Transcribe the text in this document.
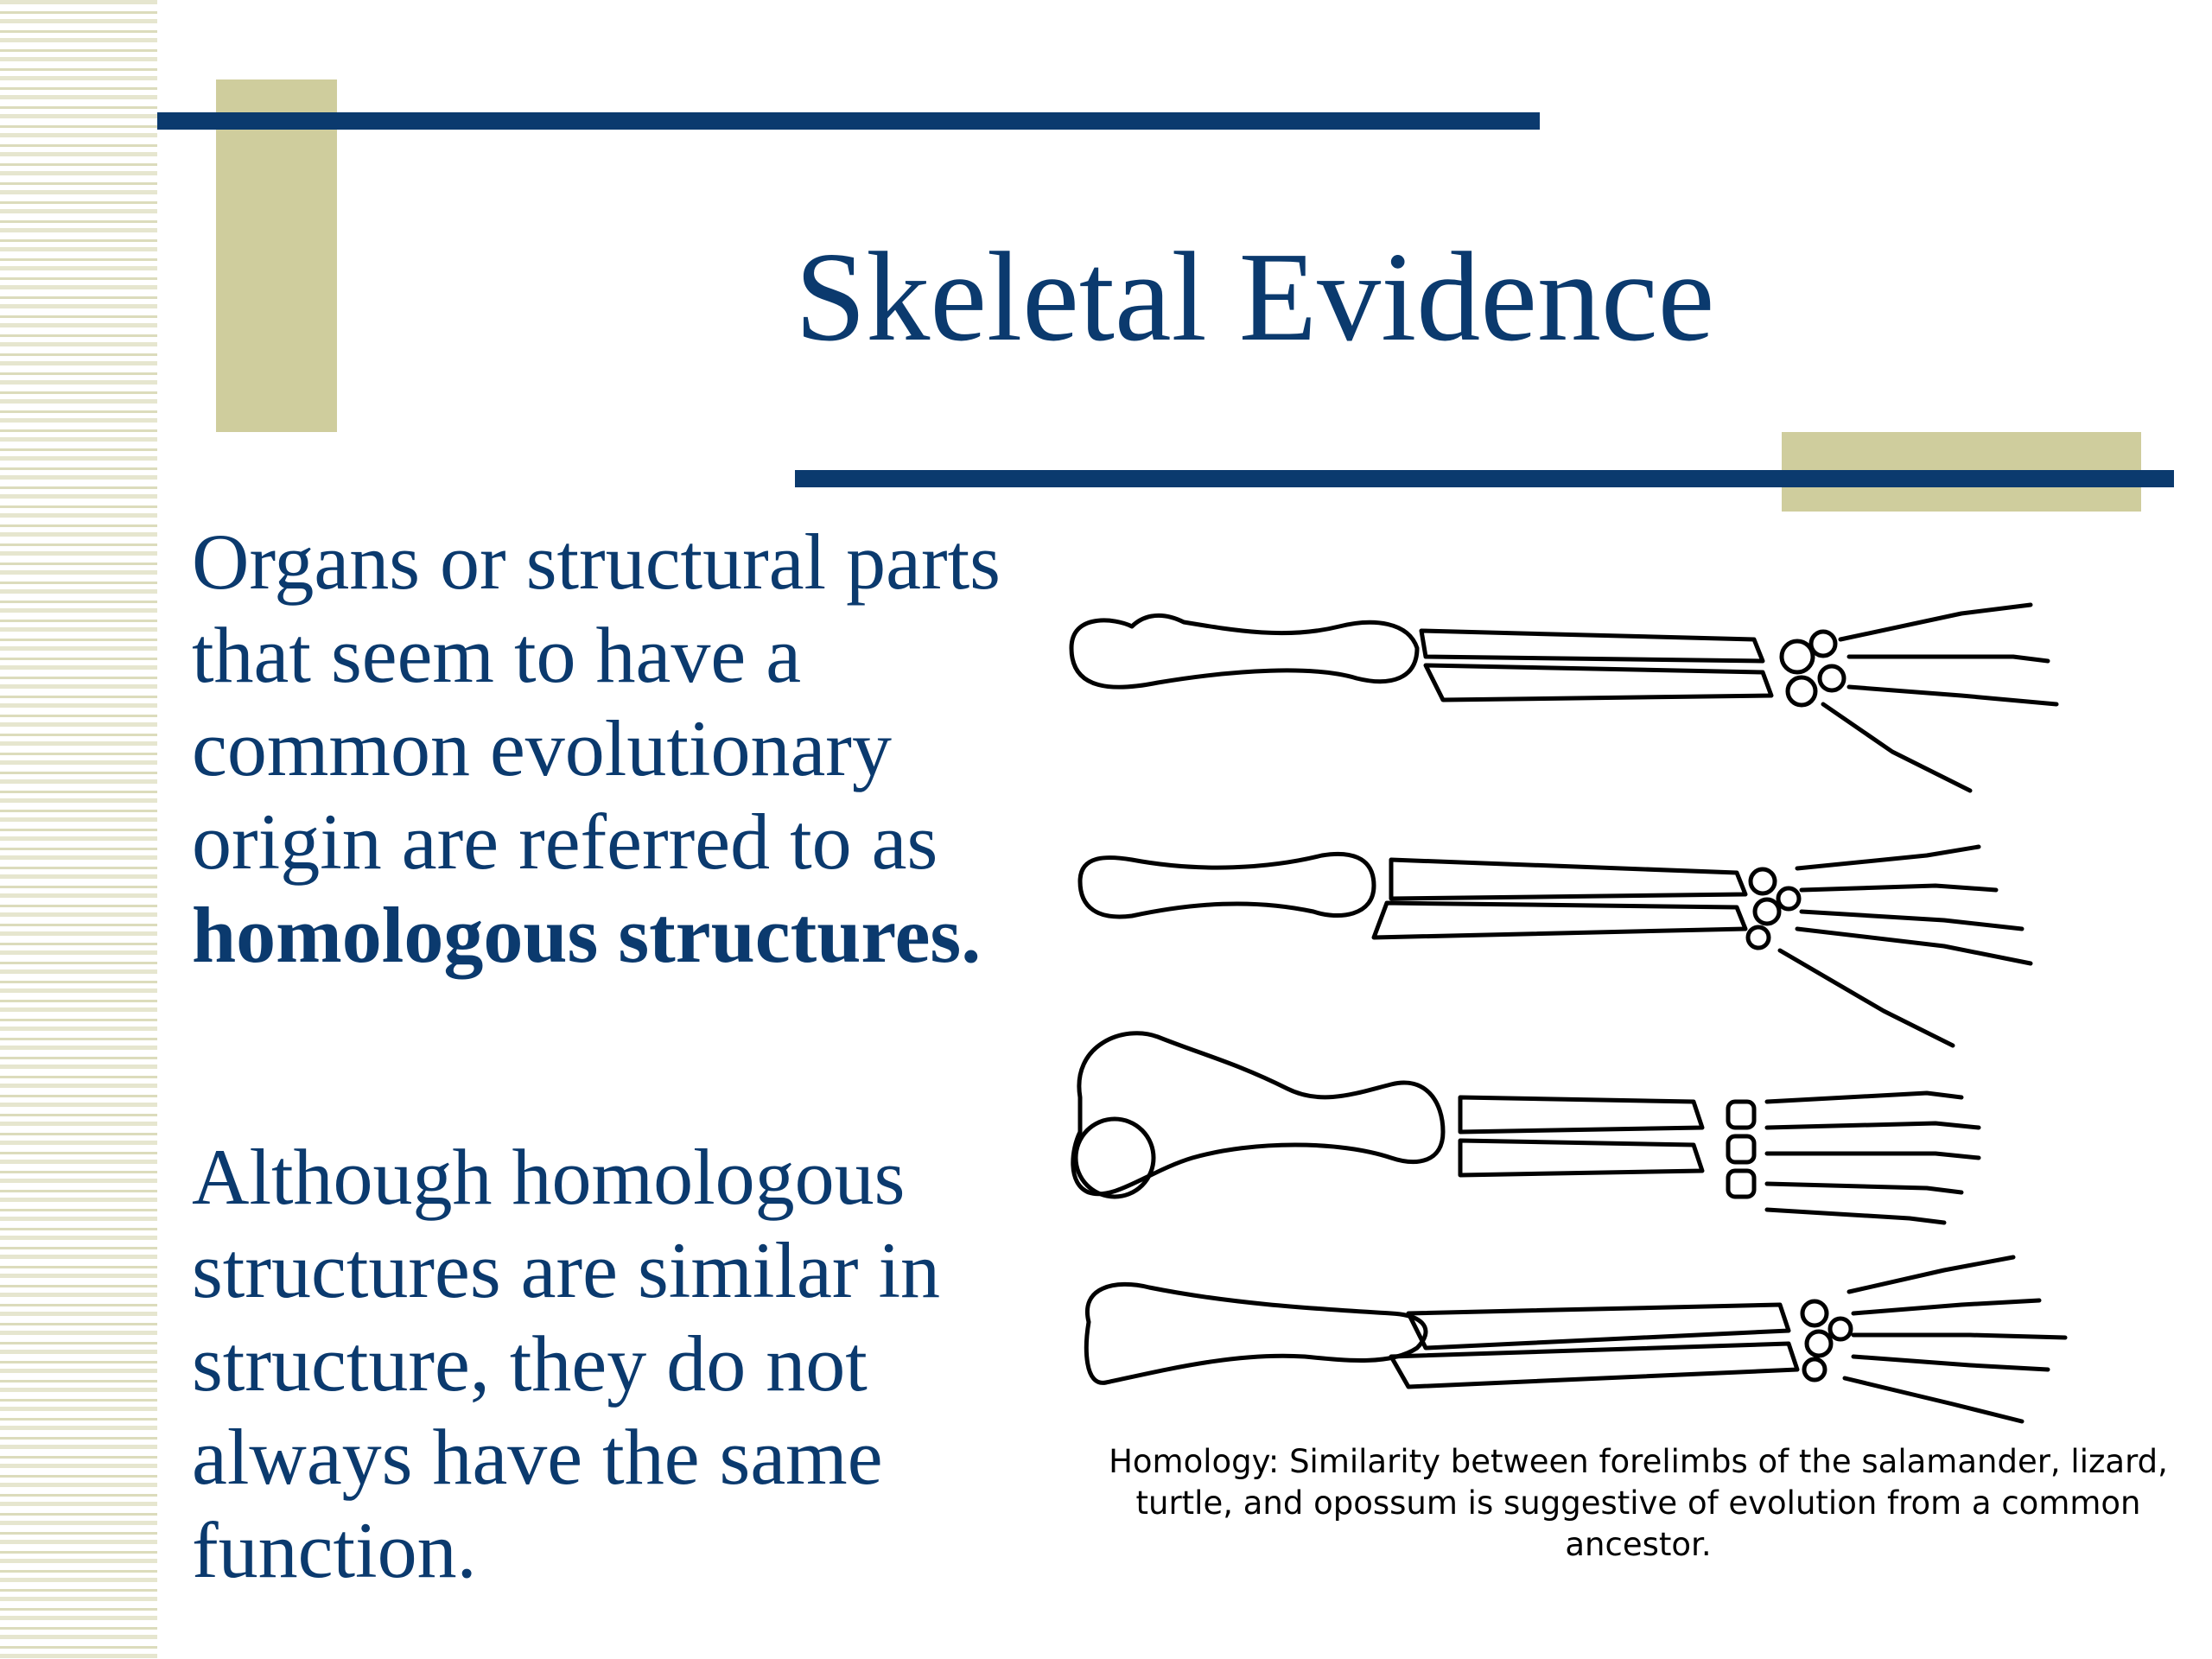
Skeletal Evidence
Organs or structural parts that seem to have a common evolutionary origin are referred to as homologous structures.
Although homologous structures are similar in structure, they do not always have the same function.
Homology: Similarity between forelimbs of the salamander, lizard, turtle, and opossum is suggestive of evolution from a common ancestor.
